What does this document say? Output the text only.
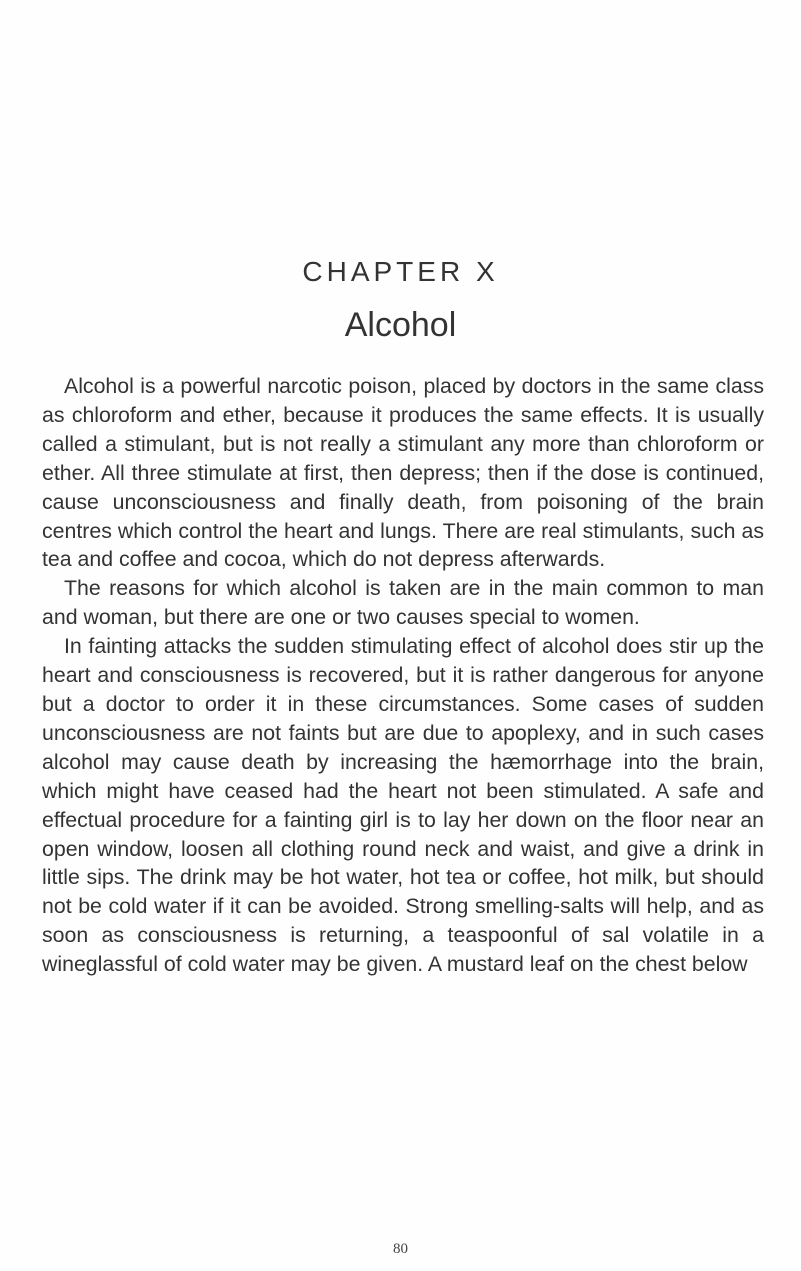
CHAPTER X
Alcohol

Alcohol is a powerful narcotic poison, placed by doctors in the same class as chloroform and ether, because it produces the same effects. It is usually called a stimulant, but is not really a stimulant any more than chloroform or ether. All three stimulate at first, then depress; then if the dose is continued, cause unconsciousness and finally death, from poisoning of the brain centres which control the heart and lungs. There are real stimulants, such as tea and coffee and cocoa, which do not depress afterwards.

The reasons for which alcohol is taken are in the main common to man and woman, but there are one or two causes special to women.

In fainting attacks the sudden stimulating effect of alcohol does stir up the heart and consciousness is recovered, but it is rather dangerous for anyone but a doctor to order it in these circumstances. Some cases of sudden unconsciousness are not faints but are due to apoplexy, and in such cases alcohol may cause death by increasing the hæmorrhage into the brain, which might have ceased had the heart not been stimulated. A safe and effectual procedure for a fainting girl is to lay her down on the floor near an open window, loosen all clothing round neck and waist, and give a drink in little sips. The drink may be hot water, hot tea or coffee, hot milk, but should not be cold water if it can be avoided. Strong smelling-salts will help, and as soon as consciousness is returning, a teaspoonful of sal volatile in a wineglassful of cold water may be given. A mustard leaf on the chest below

80
